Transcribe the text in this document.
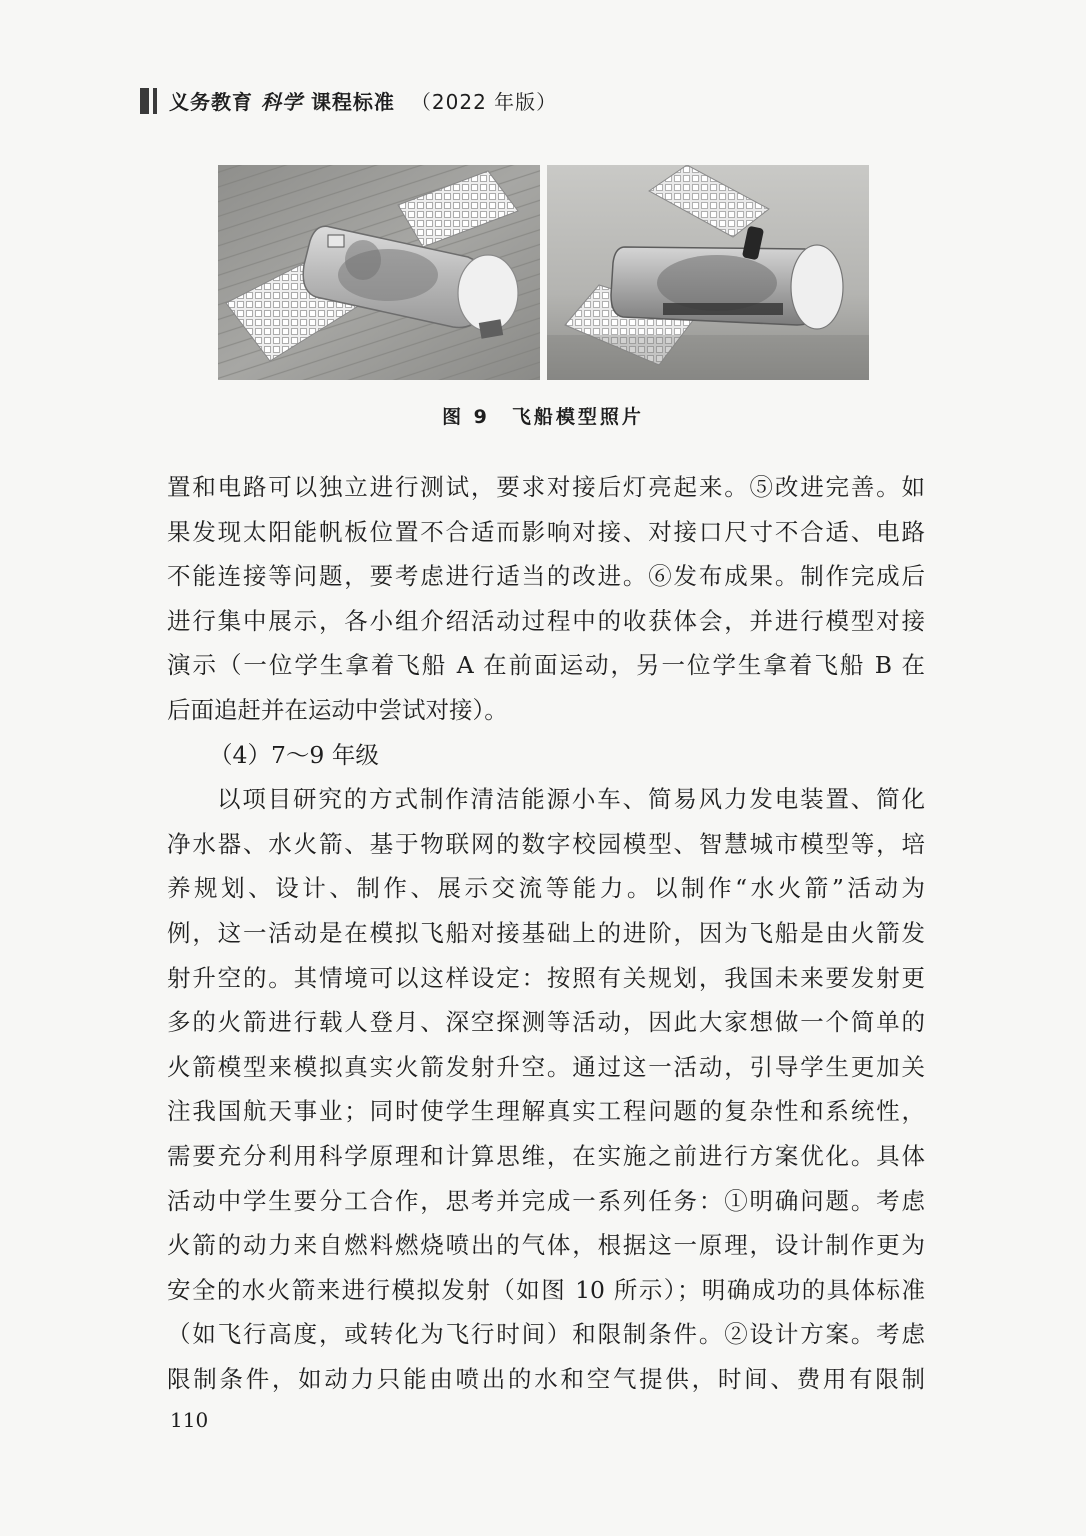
义务教育 科学 课程标准 （2022 年版）
图 9 飞船模型照片
置和电路可以独立进行测试，要求对接后灯亮起来。⑤改进完善。如
果发现太阳能帆板位置不合适而影响对接、对接口尺寸不合适、电路
不能连接等问题，要考虑进行适当的改进。⑥发布成果。制作完成后
进行集中展示，各小组介绍活动过程中的收获体会，并进行模型对接
演示（一位学生拿着飞船 A 在前面运动，另一位学生拿着飞船 B 在
后面追赶并在运动中尝试对接）。
（4）7～9 年级
以项目研究的方式制作清洁能源小车、简易风力发电装置、简化
净水器、水火箭、基于物联网的数字校园模型、智慧城市模型等，培
养规划、设计、制作、展示交流等能力。以制作“水火箭”活动为
例，这一活动是在模拟飞船对接基础上的进阶，因为飞船是由火箭发
射升空的。其情境可以这样设定：按照有关规划，我国未来要发射更
多的火箭进行载人登月、深空探测等活动，因此大家想做一个简单的
火箭模型来模拟真实火箭发射升空。通过这一活动，引导学生更加关
注我国航天事业；同时使学生理解真实工程问题的复杂性和系统性，
需要充分利用科学原理和计算思维，在实施之前进行方案优化。具体
活动中学生要分工合作，思考并完成一系列任务：①明确问题。考虑
火箭的动力来自燃料燃烧喷出的气体，根据这一原理，设计制作更为
安全的水火箭来进行模拟发射（如图 10 所示）；明确成功的具体标准
（如飞行高度，或转化为飞行时间）和限制条件。②设计方案。考虑
限制条件，如动力只能由喷出的水和空气提供，时间、费用有限制
110
